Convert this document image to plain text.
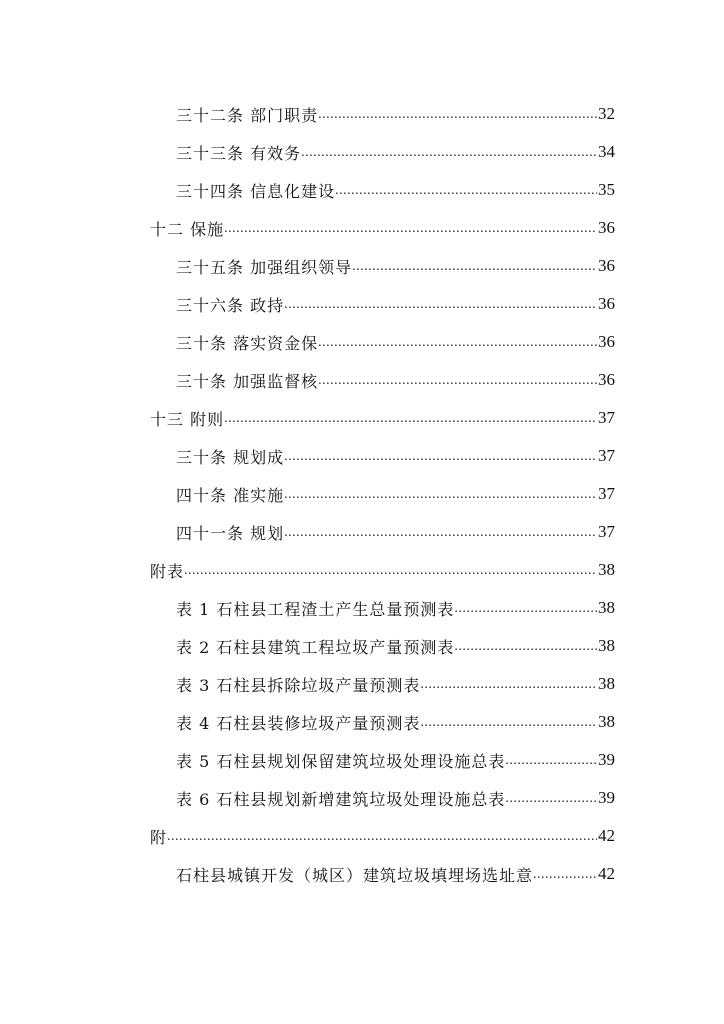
三十二条 部门职责 .....	32
三十三条 有效务 .....	34
三十四条 信息化建设 .....	35
十二 保施 .....	36
三十五条 加强组织领导 .....	36
三十六条 政持 .....	36
三十条 落实资金保 .....	36
三十条 加强监督核 .....	36
十三 附则 .....	37
三十条 规划成 .....	37
四十条 准实施 .....	37
四十一条 规划 .....	37
附表 .....	38
表 1 石柱县工程渣土产生总量预测表 .....	38
表 2 石柱县建筑工程垃圾产量预测表 .....	38
表 3 石柱县拆除垃圾产量预测表 .....	38
表 4 石柱县装修垃圾产量预测表 .....	38
表 5 石柱县规划保留建筑垃圾处理设施总表 .....	39
表 6 石柱县规划新增建筑垃圾处理设施总表 .....	39
附 .....	42
石柱县城镇开发（城区）建筑垃圾填埋场选址意 .....	42
